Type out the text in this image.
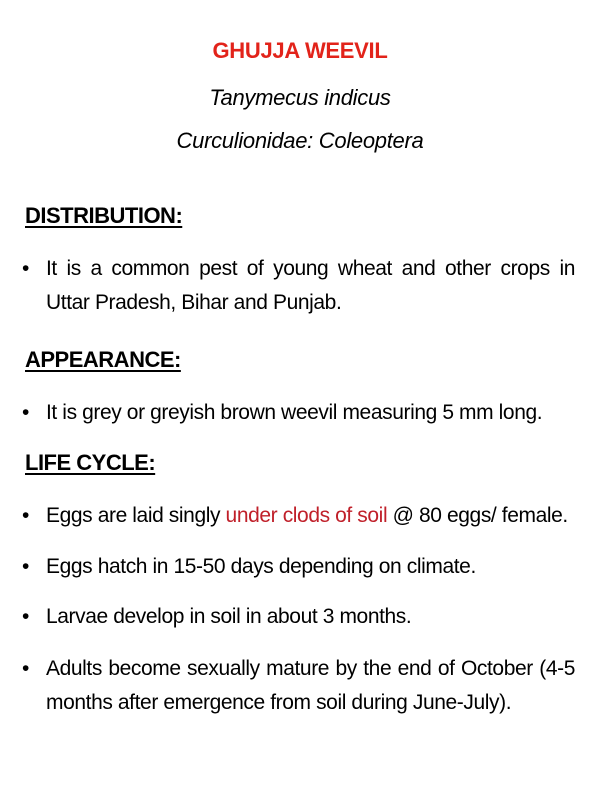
GHUJJA WEEVIL
Tanymecus indicus
Curculionidae: Coleoptera
DISTRIBUTION:
• It is a common pest of young wheat and other crops in Uttar Pradesh, Bihar and Punjab.
APPEARANCE:
• It is grey or greyish brown weevil measuring 5 mm long.
LIFE CYCLE:
• Eggs are laid singly under clods of soil @ 80 eggs/ female.
• Eggs hatch in 15-50 days depending on climate.
• Larvae develop in soil in about 3 months.
• Adults become sexually mature by the end of October (4-5 months after emergence from soil during June-July).
